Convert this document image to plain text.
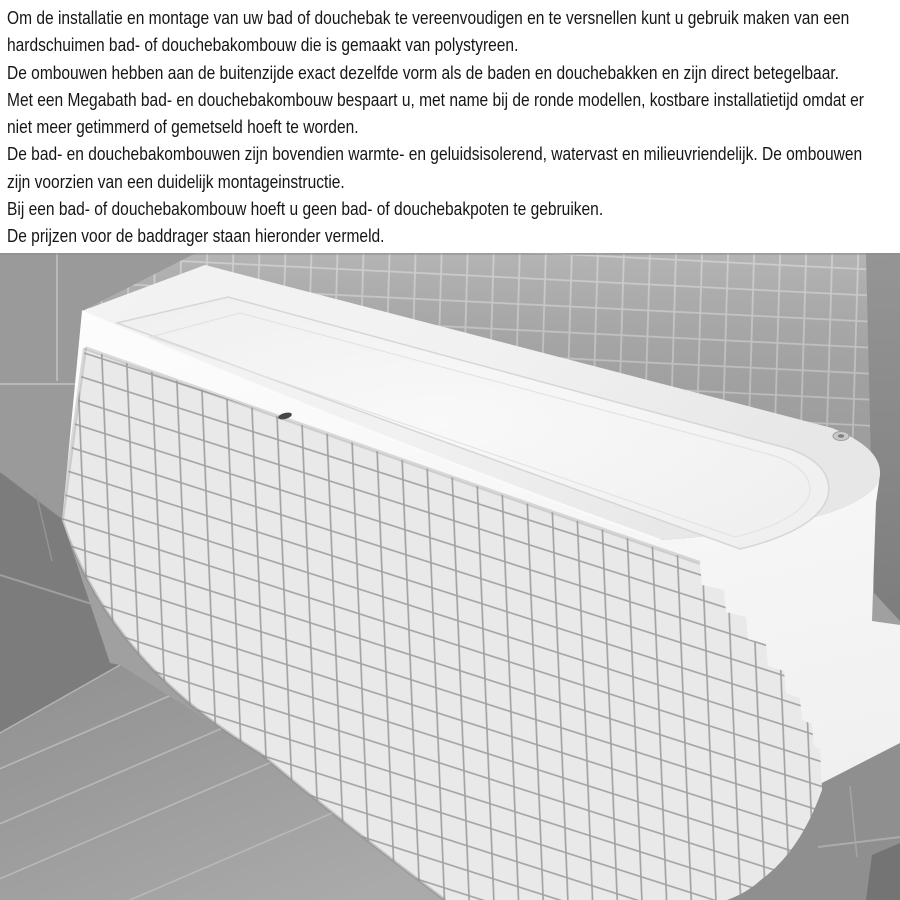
Om de installatie en montage van uw bad of douchebak te vereenvoudigen en te versnellen kunt u gebruik maken van een
hardschuimen bad- of douchebakombouw die is gemaakt van polystyreen.
De ombouwen hebben aan de buitenzijde exact dezelfde vorm als de baden en douchebakken en zijn direct betegelbaar.
Met een Megabath bad- en douchebakombouw bespaart u, met name bij de ronde modellen, kostbare installatietijd omdat er
niet meer getimmerd of gemetseld hoeft te worden.
De bad- en douchebakombouwen zijn bovendien warmte- en geluidsisolerend, watervast en milieuvriendelijk. De ombouwen
zijn voorzien van een duidelijk montageinstructie.
Bij een bad- of douchebakombouw hoeft u geen bad- of douchebakpoten te gebruiken.
De prijzen voor de baddrager staan hieronder vermeld.
